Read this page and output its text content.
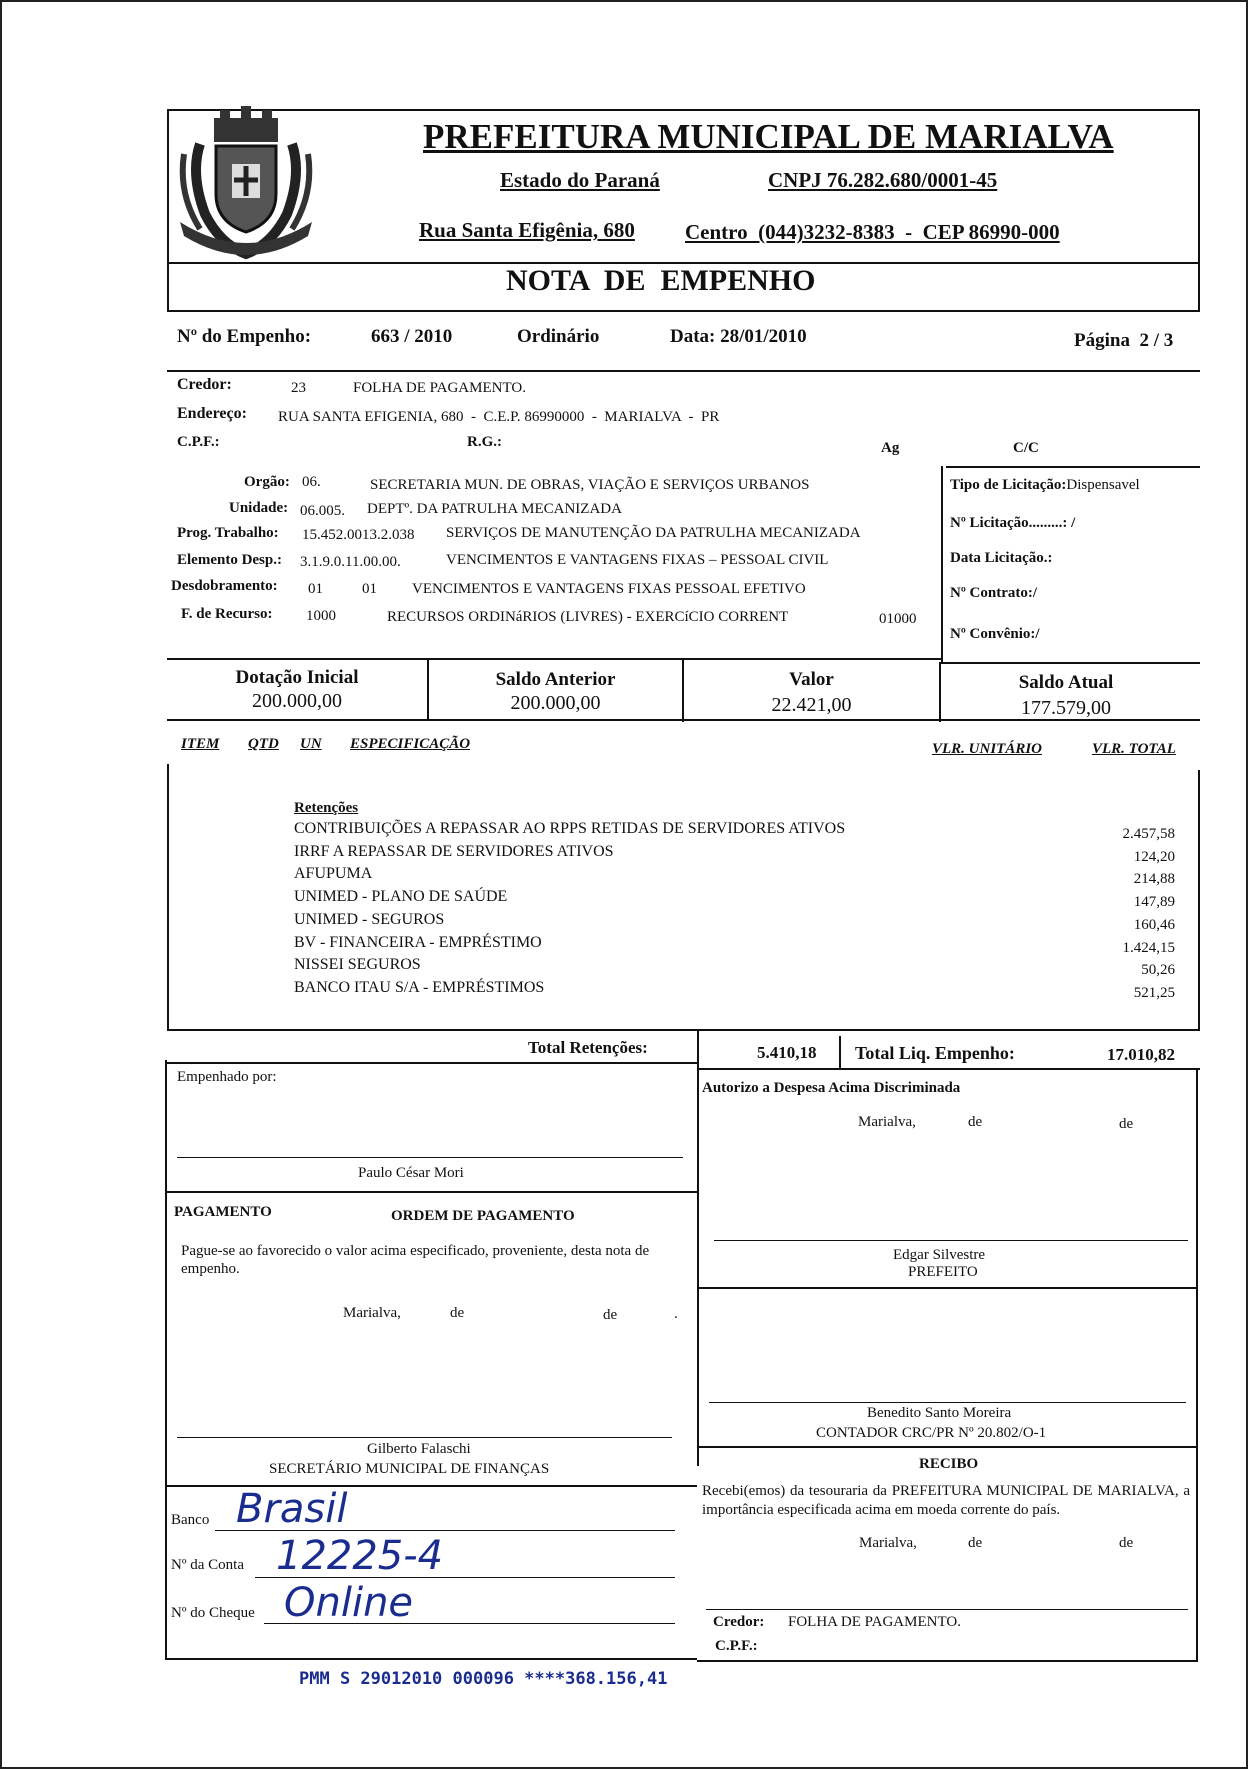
PREFEITURA MUNICIPAL DE MARIALVA
Estado do Paraná	CNPJ 76.282.680/0001-45
Rua Santa Efigênia, 680 Centro  (044)3232-8383  -  CEP 86990-000
NOTA  DE  EMPENHO
Nº do Empenho:	663 / 2010	Ordinário	Data: 28/01/2010	Página  2 / 3
Credor:	23	FOLHA DE PAGAMENTO.
Endereço: RUA SANTA EFIGENIA, 680  -  C.E.P. 86990000  -  MARIALVA  -  PR
C.P.F.:	R.G.:	Ag	C/C
Orgão: 06.	SECRETARIA MUN. DE OBRAS, VIAÇÃO E SERVIÇOS URBANOS
Unidade: 06.005. DEPTº. DA PATRULHA MECANIZADA
Prog. Trabalho: 15.452.0013.2.038 SERVIÇOS DE MANUTENÇÃO DA PATRULHA MECANIZADA
Elemento Desp.: 3.1.9.0.11.00.00.	VENCIMENTOS E VANTAGENS FIXAS – PESSOAL CIVIL
Desdobramento: 01	01 VENCIMENTOS E VANTAGENS FIXAS PESSOAL EFETIVO
F. de Recurso: 1000	RECURSOS ORDINáRIOS (LIVRES) - EXERCíCIO CORRENT	01000
Tipo de Licitação:Dispensavel
Nº Licitação.........: /
Data Licitação.:
Nº Contrato:/
Nº Convênio:/
Dotação Inicial
200.000,00
Saldo Anterior
200.000,00
Valor
22.421,00
Saldo Atual
177.579,00
ITEM QTD UN ESPECIFICAÇÃO	VLR. UNITÁRIO	VLR. TOTAL
Retenções
CONTRIBUIÇÕES A REPASSAR AO RPPS RETIDAS DE SERVIDORES ATIVOS	2.457,58
IRRF A REPASSAR DE SERVIDORES ATIVOS	124,20
AFUPUMA	214,88
UNIMED - PLANO DE SAÚDE	147,89
UNIMED - SEGUROS	160,46
BV - FINANCEIRA - EMPRÉSTIMO	1.424,15
NISSEI SEGUROS	50,26
BANCO ITAU S/A - EMPRÉSTIMOS	521,25
Total Retenções:	5.410,18 Total Liq. Empenho:	17.010,82
Empenhado por:
Paulo César Mori
PAGAMENTO	ORDEM DE PAGAMENTO
Pague-se ao favorecido o valor acima especificado, proveniente, desta nota de empenho.
Marialva,	de	de	.
Gilberto Falaschi
SECRETÁRIO MUNICIPAL DE FINANÇAS
Banco Brasil
Nº da Conta 12225-4
Nº do Cheque Online
Autorizo a Despesa Acima Discriminada
Marialva,	de	de
Edgar Silvestre
PREFEITO
Benedito Santo Moreira
CONTADOR CRC/PR Nº 20.802/O-1
RECIBO
Recebi(emos) da tesouraria da PREFEITURA MUNICIPAL DE MARIALVA, a importância especificada acima em moeda corrente do país.
Marialva,	de	de
Credor: FOLHA DE PAGAMENTO.
C.P.F.:
PMM S 29012010 000096 ****368.156,41
